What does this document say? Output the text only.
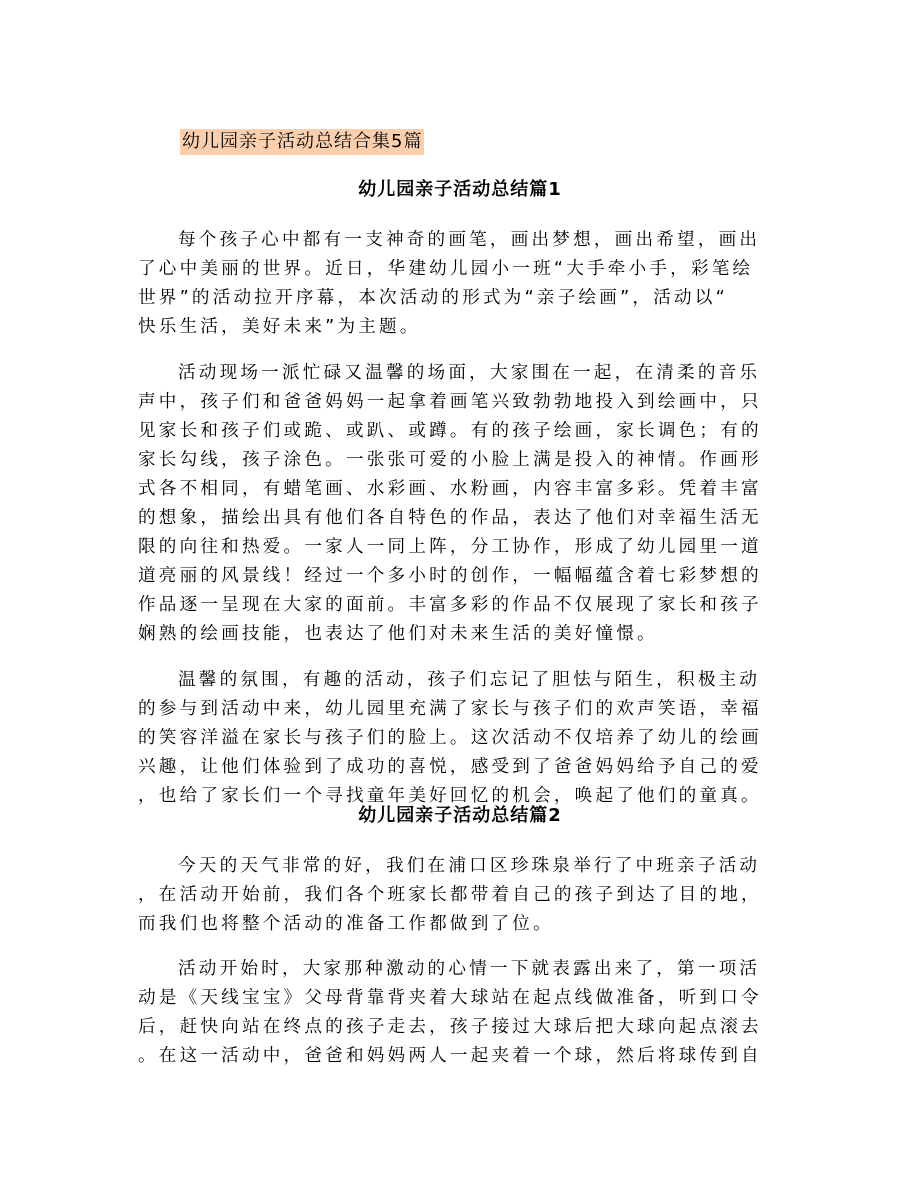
幼儿园亲子活动总结合集5篇
幼儿园亲子活动总结篇1
每个孩子心中都有一支神奇的画笔，画出梦想，画出希望，画出
了心中美丽的世界。近日，华建幼儿园小一班“大手牵小手，彩笔绘
世界”的活动拉开序幕，本次活动的形式为“亲子绘画”，活动以“
快乐生活，美好未来”为主题。
活动现场一派忙碌又温馨的场面，大家围在一起，在清柔的音乐
声中，孩子们和爸爸妈妈一起拿着画笔兴致勃勃地投入到绘画中，只
见家长和孩子们或跪、或趴、或蹲。有的孩子绘画，家长调色；有的
家长勾线，孩子涂色。一张张可爱的小脸上满是投入的神情。作画形
式各不相同，有蜡笔画、水彩画、水粉画，内容丰富多彩。凭着丰富
的想象，描绘出具有他们各自特色的作品，表达了他们对幸福生活无
限的向往和热爱。一家人一同上阵，分工协作，形成了幼儿园里一道
道亮丽的风景线！经过一个多小时的创作，一幅幅蕴含着七彩梦想的
作品逐一呈现在大家的面前。丰富多彩的作品不仅展现了家长和孩子
娴熟的绘画技能，也表达了他们对未来生活的美好憧憬。
温馨的氛围，有趣的活动，孩子们忘记了胆怯与陌生，积极主动
的参与到活动中来，幼儿园里充满了家长与孩子们的欢声笑语，幸福
的笑容洋溢在家长与孩子们的脸上。这次活动不仅培养了幼儿的绘画
兴趣，让他们体验到了成功的喜悦，感受到了爸爸妈妈给予自己的爱
，也给了家长们一个寻找童年美好回忆的机会，唤起了他们的童真。
幼儿园亲子活动总结篇2
今天的天气非常的好，我们在浦口区珍珠泉举行了中班亲子活动
，在活动开始前，我们各个班家长都带着自己的孩子到达了目的地，
而我们也将整个活动的准备工作都做到了位。
活动开始时，大家那种激动的心情一下就表露出来了，第一项活
动是《天线宝宝》父母背靠背夹着大球站在起点线做准备，听到口令
后，赶快向站在终点的孩子走去，孩子接过大球后把大球向起点滚去
。在这一活动中，爸爸和妈妈两人一起夹着一个球，然后将球传到自
